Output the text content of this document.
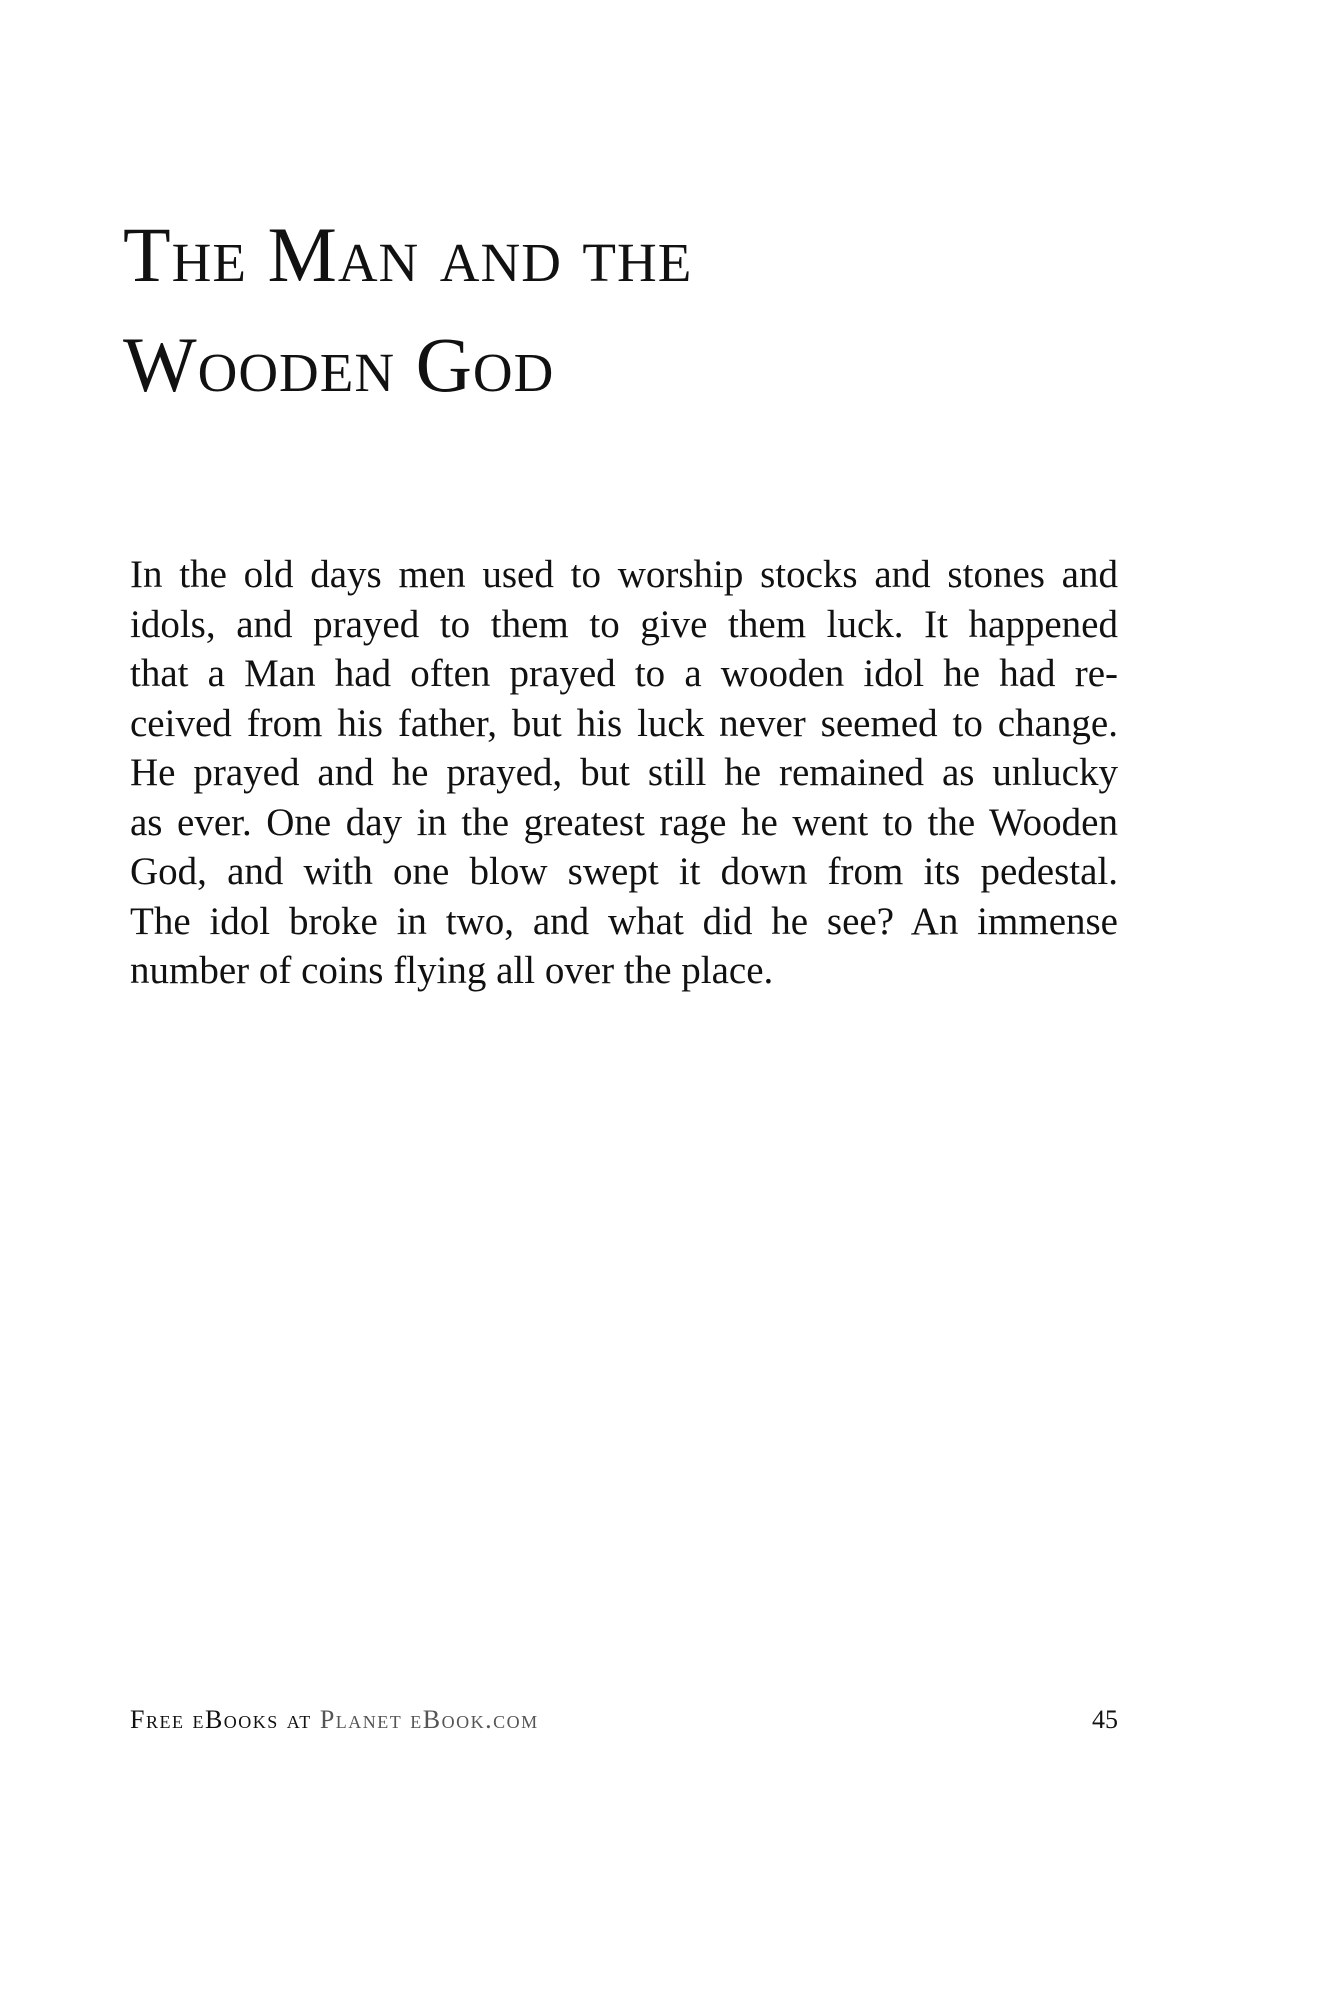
The Man and the
Wooden God
In the old days men used to worship stocks and stones and
idols, and prayed to them to give them luck. It happened
that a Man had often prayed to a wooden idol he had re-
ceived from his father, but his luck never seemed to change.
He prayed and he prayed, but still he remained as unlucky
as ever. One day in the greatest rage he went to the Wooden
God, and with one blow swept it down from its pedestal.
The idol broke in two, and what did he see? An immense
number of coins flying all over the place.
Free eBooks at Planet eBook.com	45
